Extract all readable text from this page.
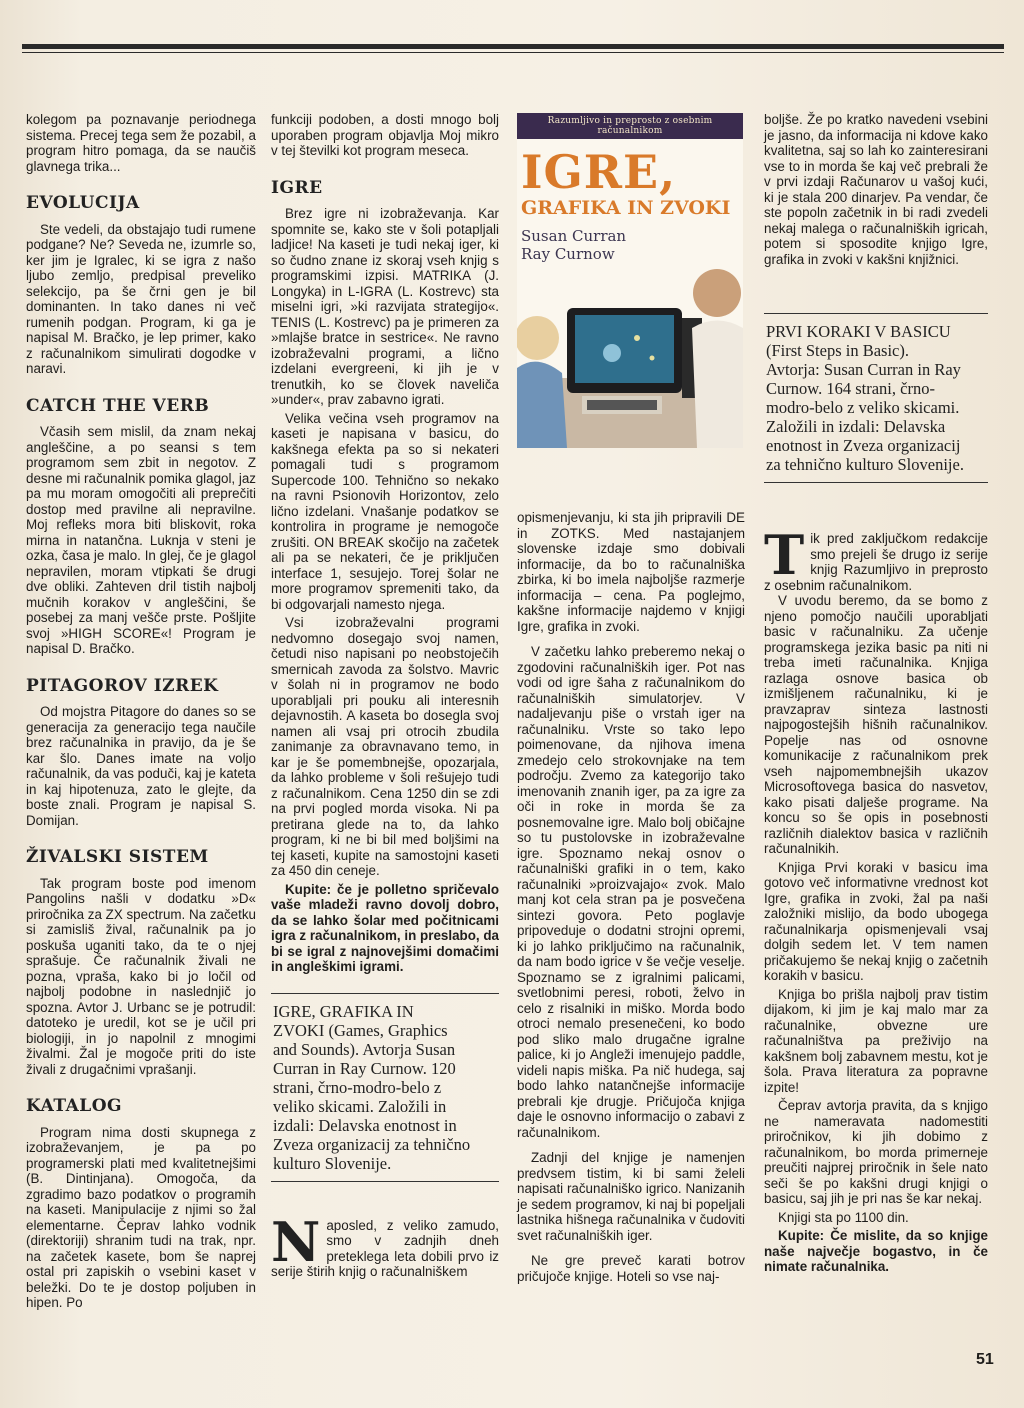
kolegom pa poznavanje periodnega sistema. Precej tega sem že pozabil, a program hitro pomaga, da se naučiš glavnega trika...

EVOLUCIJA

Ste vedeli, da obstajajo tudi rumene podgane? Ne? Seveda ne, izumrle so, ker jim je Igralec, ki se igra z našo ljubo zemljo, predpisal preveliko selekcijo, pa še črni gen je bil dominanten. In tako danes ni več rumenih podgan. Program, ki ga je napisal M. Bračko, je lep primer, kako z računalnikom simulirati dogodke v naravi.

CATCH THE VERB

Včasih sem mislil, da znam nekaj angleščine, a po seansi s tem programom sem zbit in negotov. Z desne mi računalnik pomika glagol, jaz pa mu moram omogočiti ali preprečiti dostop med pravilne ali nepravilne. Moj refleks mora biti bliskovit, roka mirna in natančna. Luknja v steni je ozka, časa je malo. In glej, če je glagol nepravilen, moram vtipkati še drugi dve obliki. Zahteven dril tistih najbolj mučnih korakov v angleščini, še posebej za manj vešče prste. Pošljite svoj »HIGH SCORE«! Program je napisal D. Bračko.

PITAGOROV IZREK

Od mojstra Pitagore do danes so se generacija za generacijo tega naučile brez računalnika in pravijo, da je še kar šlo. Danes imate na voljo računalnik, da vas poduči, kaj je kateta in kaj hipotenuza, zato le glejte, da boste znali. Program je napisal S. Domijan.

ŽIVALSKI SISTEM

Tak program boste pod imenom Pangolins našli v dodatku »D« priročnika za ZX spectrum. Na začetku si zamisliš žival, računalnik pa jo poskuša uganiti tako, da te o njej sprašuje. Če računalnik živali ne pozna, vpraša, kako bi jo ločil od najbolj podobne in naslednjič jo spozna. Avtor J. Urbanc se je potrudil: datoteko je uredil, kot se je učil pri biologiji, in jo napolnil z mnogimi živalmi. Žal je mogoče priti do iste živali z drugačnimi vprašanji.

KATALOG

Program nima dosti skupnega z izobraževanjem, je pa po programerski plati med kvalitetnejšimi (B. Dintinjana). Omogoča, da zgradimo bazo podatkov o programih na kaseti. Manipulacije z njimi so žal elementarne. Čeprav lahko vodnik (direktoriji) shranim tudi na trak, npr. na začetek kasete, bom še naprej ostal pri zapiskih o vsebini kaset v beležki. Do te je dostop poljuben in hipen. Po

funkciji podoben, a dosti mnogo bolj uporaben program objavlja Moj mikro v tej številki kot program meseca.

IGRE

Brez igre ni izobraževanja. Kar spomnite se, kako ste v šoli potapljali ladjice! Na kaseti je tudi nekaj iger, ki so čudno znane iz skoraj vseh knjig s programskimi izpisi. MATRIKA (J. Longyka) in L-IGRA (L. Kostrevc) sta miselni igri, »ki razvijata strategijo«. TENIS (L. Kostrevc) pa je primeren za »mlajše bratce in sestrice«. Ne ravno izobraževalni programi, a lično izdelani evergreeni, ki jih je v trenutkih, ko se človek naveliča »under«, prav zabavno igrati.

Velika večina vseh programov na kaseti je napisana v basicu, do kakšnega efekta pa so si nekateri pomagali tudi s programom Supercode 100. Tehnično so nekako na ravni Psionovih Horizontov, zelo lično izdelani. Vnašanje podatkov se kontrolira in programe je nemogoče zrušiti. ON BREAK skočijo na začetek ali pa se nekateri, če je priključen interface 1, sesujejo. Torej šolar ne more programov spremeniti tako, da bi odgovarjali namesto njega.

Vsi izobraževalni programi nedvomno dosegajo svoj namen, četudi niso napisani po neobstoječih smernicah zavoda za šolstvo. Mavric v šolah ni in programov ne bodo uporabljali pri pouku ali interesnih dejavnostih. A kaseta bo dosegla svoj namen ali vsaj pri otrocih zbudila zanimanje za obravnavano temo, in kar je še pomembnejše, opozarjala, da lahko probleme v šoli rešujejo tudi z računalnikom. Cena 1250 din se zdi na prvi pogled morda visoka. Ni pa pretirana glede na to, da lahko program, ki ne bi bil med boljšimi na tej kaseti, kupite na samostojni kaseti za 450 din ceneje.

Kupite: če je polletno spričevalo vaše mladeži ravno dovolj dobro, da se lahko šolar med počitnicami igra z računalnikom, in preslabo, da bi se igral z najnovejšimi domačimi in angleškimi igrami.

IGRE, GRAFIKA IN
ZVOKI (Games, Graphics
and Sounds). Avtorja Susan
Curran in Ray Curnow. 120
strani, črno-modro-belo z
veliko skicami. Založili in
izdali: Delavska enotnost in
Zveza organizacij za tehnično
kulturo Slovenije.
N aposled, z veliko zamudo, smo v zadnjih dneh preteklega leta dobili prvo iz serije štirih knjig o računalniškem
Razumljivo in preprosto z osebnim računalnikom
IGRE,
GRAFIKA IN ZVOKI
Susan Curran
Ray Curnow

opismenjevanju, ki sta jih pripravili DE in ZOTKS. Med nastajanjem slovenske izdaje smo dobivali informacije, da bo to računalniška zbirka, ki bo imela najboljše razmerje informacija – cena. Pa poglejmo, kakšne informacije najdemo v knjigi Igre, grafika in zvoki.

V začetku lahko preberemo nekaj o zgodovini računalniških iger. Pot nas vodi od igre šaha z računalnikom do računalniških simulatorjev. V nadaljevanju piše o vrstah iger na računalniku. Vrste so tako lepo poimenovane, da njihova imena zmedejo celo strokovnjake na tem področju. Zvemo za kategorijo tako imenovanih znanih iger, pa za igre za oči in roke in morda še za posnemovalne igre. Malo bolj običajne so tu pustolovske in izobraževalne igre. Spoznamo nekaj osnov o računalniški grafiki in o tem, kako računalniki »proizvajajo« zvok. Malo manj kot cela stran pa je posvečena sintezi govora. Peto poglavje pripoveduje o dodatni strojni opremi, ki jo lahko priključimo na računalnik, da nam bodo igrice v še večje veselje. Spoznamo se z igralnimi palicami, svetlobnimi peresi, roboti, želvo in celo z risalniki in miško. Morda bodo otroci nemalo presenečeni, ko bodo pod sliko malo drugačne igralne palice, ki jo Angleži imenujejo paddle, videli napis miška. Pa nič hudega, saj bodo lahko natančnejše informacije prebrali kje drugje. Pričujoča knjiga daje le osnovno informacijo o zabavi z računalnikom.

Zadnji del knjige je namenjen predvsem tistim, ki bi sami želeli napisati računalniško igrico. Nanizanih je sedem programov, ki naj bi popeljali lastnika hišnega računalnika v čudoviti svet računalniških iger.

Ne gre preveč karati botrov pričujoče knjige. Hoteli so vse naj-

boljše. Že po kratko navedeni vsebini je jasno, da informacija ni kdove kako kvalitetna, saj so lah ko zainteresirani vse to in morda še kaj več prebrali že v prvi izdaji Računarov u vašoj kući, ki je stala 200 dinarjev. Pa vendar, če ste popoln začetnik in bi radi zvedeli nekaj malega o računalniških igricah, potem si sposodite knjigo Igre, grafika in zvoki v kakšni knjižnici.

PRVI KORAKI V BASICU
(First Steps in Basic).
Avtorja: Susan Curran in Ray
Curnow. 164 strani, črno-
modro-belo z veliko skicami.
Založili in izdali: Delavska
enotnost in Zveza organizacij
za tehnično kulturo Slovenije.
T ik pred zaključkom redakcije smo prejeli še drugo iz serije knjig Razumljivo in preprosto z osebnim računalnikom.

V uvodu beremo, da se bomo z njeno pomočjo naučili uporabljati basic v računalniku. Za učenje programskega jezika basic pa niti ni treba imeti računalnika. Knjiga razlaga osnove basica ob izmišljenem računalniku, ki je pravzaprav sinteza lastnosti najpogostejših hišnih računalnikov. Popelje nas od osnovne komunikacije z računalnikom prek vseh najpomembnejših ukazov Microsoftovega basica do nasvetov, kako pisati dalješe programe. Na koncu so še opis in posebnosti različnih dialektov basica v različnih računalnikih.

Knjiga Prvi koraki v basicu ima gotovo več informativne vrednost kot Igre, grafika in zvoki, žal pa naši založniki mislijo, da bodo ubogega računalnikarja opismenjevali vsaj dolgih sedem let. V tem namen pričakujemo še nekaj knjig o začetnih korakih v basicu.

Knjiga bo prišla najbolj prav tistim dijakom, ki jim je kaj malo mar za računalnike, obvezne ure računalništva pa preživijo na kakšnem bolj zabavnem mestu, kot je šola. Prava literatura za popravne izpite!

Čeprav avtorja pravita, da s knjigo ne nameravata nadomestiti priročnikov, ki jih dobimo z računalnikom, bo morda primerneje preučiti najprej priročnik in šele nato seči še po kakšni drugi knjigi o basicu, saj jih je pri nas še kar nekaj.

Knjigi sta po 1100 din.

Kupite: Če mislite, da so knjige naše največje bogastvo, in če nimate računalnika.

51
